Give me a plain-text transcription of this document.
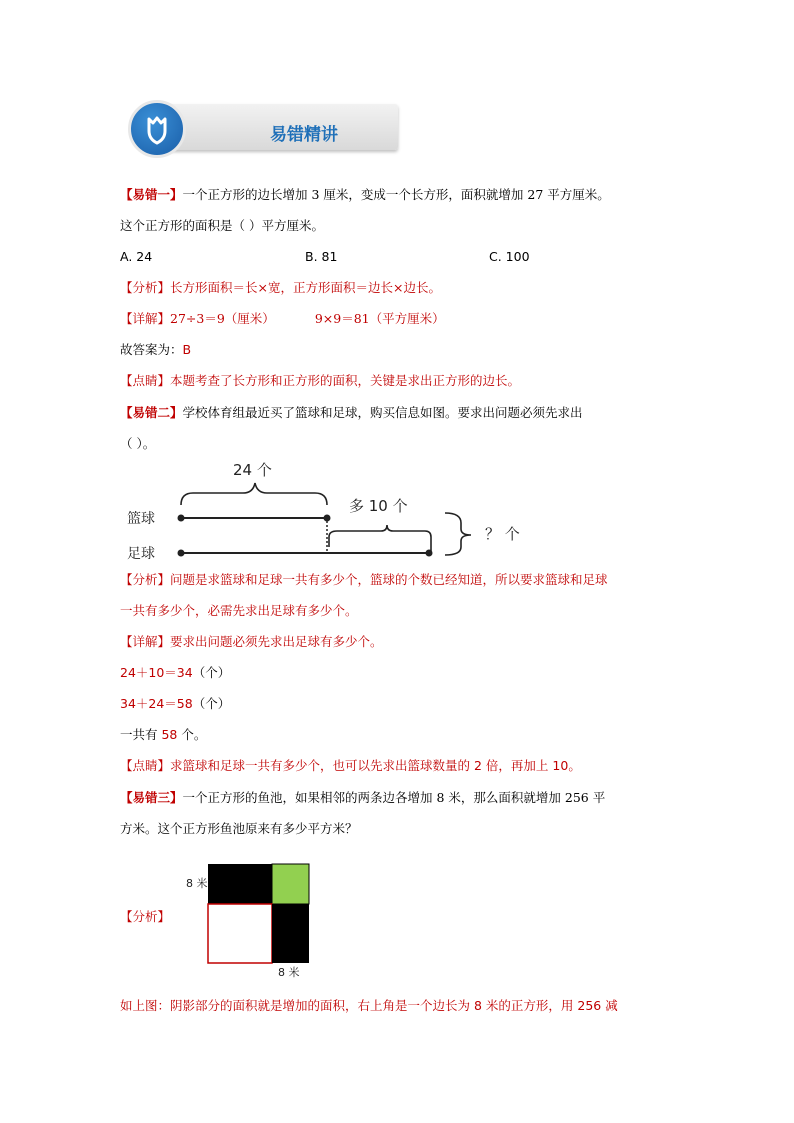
易错精讲
【易错一】一个正方形的边长增加 3 厘米，变成一个长方形，面积就增加 27 平方厘米。
这个正方形的面积是（ ）平方厘米。
A. 24	B. 81	C. 100
【分析】长方形面积＝长×宽，正方形面积＝边长×边长。
【详解】27÷3＝9（厘米）	9×9＝81（平方厘米）
故答案为：B
【点睛】本题考查了长方形和正方形的面积，关键是求出正方形的边长。
【易错二】学校体育组最近买了篮球和足球，购买信息如图。要求出问题必须先求出
（ ）。
24 个
篮球
多 10 个
足球
？ 个
【分析】问题是求篮球和足球一共有多少个，篮球的个数已经知道，所以要求篮球和足球
一共有多少个，必需先求出足球有多少个。
【详解】要求出问题必须先求出足球有多少个。
24＋10＝34（个）
34＋24＝58（个）
一共有 58 个。
【点睛】求篮球和足球一共有多少个，也可以先求出篮球数量的 2 倍，再加上 10。
【易错三】一个正方形的鱼池，如果相邻的两条边各增加 8 米，那么面积就增加 256 平
方米。这个正方形鱼池原来有多少平方米？
【分析】
8 米
8 米
如上图：阴影部分的面积就是增加的面积，右上角是一个边长为 8 米的正方形，用 256 减
